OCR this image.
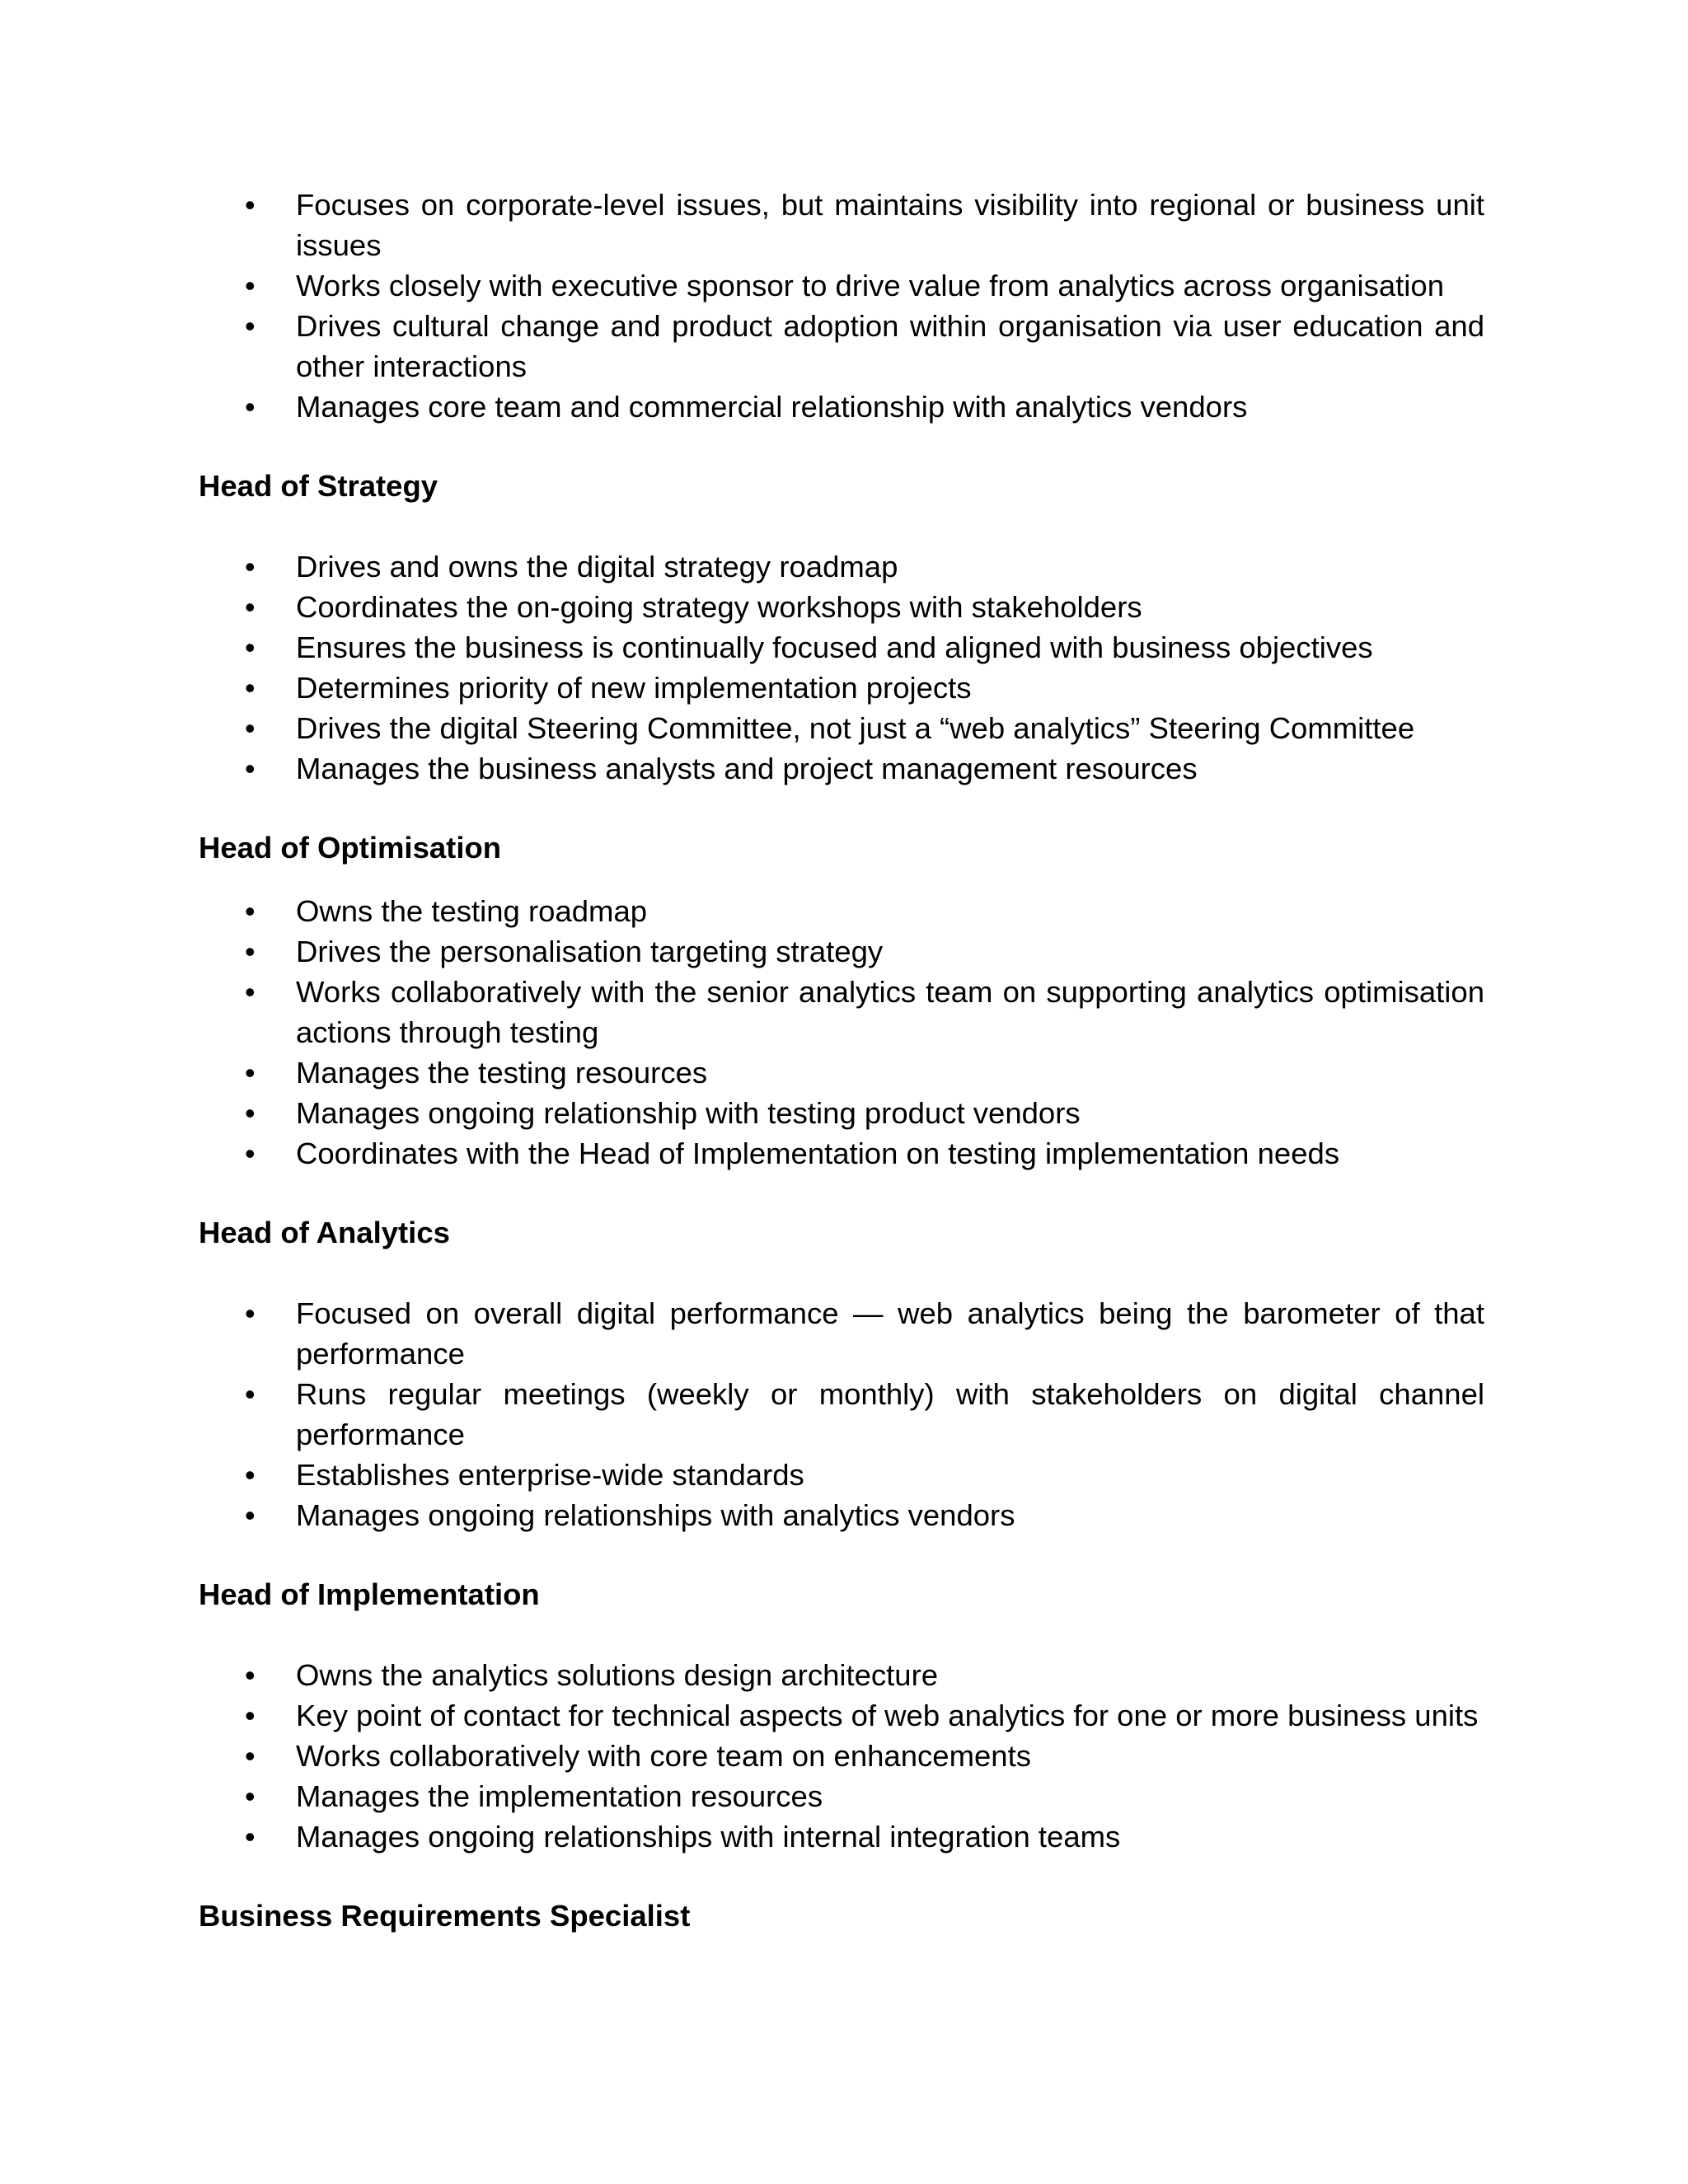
•	Focuses on corporate-level issues, but maintains visibility into regional or business unit issues
•	Works closely with executive sponsor to drive value from analytics across organisation
•	Drives cultural change and product adoption within organisation via user education and other interactions
•	Manages core team and commercial relationship with analytics vendors
Head of Strategy
•	Drives and owns the digital strategy roadmap
•	Coordinates the on-going strategy workshops with stakeholders
•	Ensures the business is continually focused and aligned with business objectives
•	Determines priority of new implementation projects
•	Drives the digital Steering Committee, not just a “web analytics” Steering Committee
•	Manages the business analysts and project management resources
Head of Optimisation
•	Owns the testing roadmap
•	Drives the personalisation targeting strategy
•	Works collaboratively with the senior analytics team on supporting analytics optimisation actions through testing
•	Manages the testing resources
•	Manages ongoing relationship with testing product vendors
•	Coordinates with the Head of Implementation on testing implementation needs
Head of Analytics
•	Focused on overall digital performance — web analytics being the barometer of that performance
•	Runs regular meetings (weekly or monthly) with stakeholders on digital channel performance
•	Establishes enterprise-wide standards
•	Manages ongoing relationships with analytics vendors
Head of Implementation
•	Owns the analytics solutions design architecture
•	Key point of contact for technical aspects of web analytics for one or more business units
•	Works collaboratively with core team on enhancements
•	Manages the implementation resources
•	Manages ongoing relationships with internal integration teams
Business Requirements Specialist
